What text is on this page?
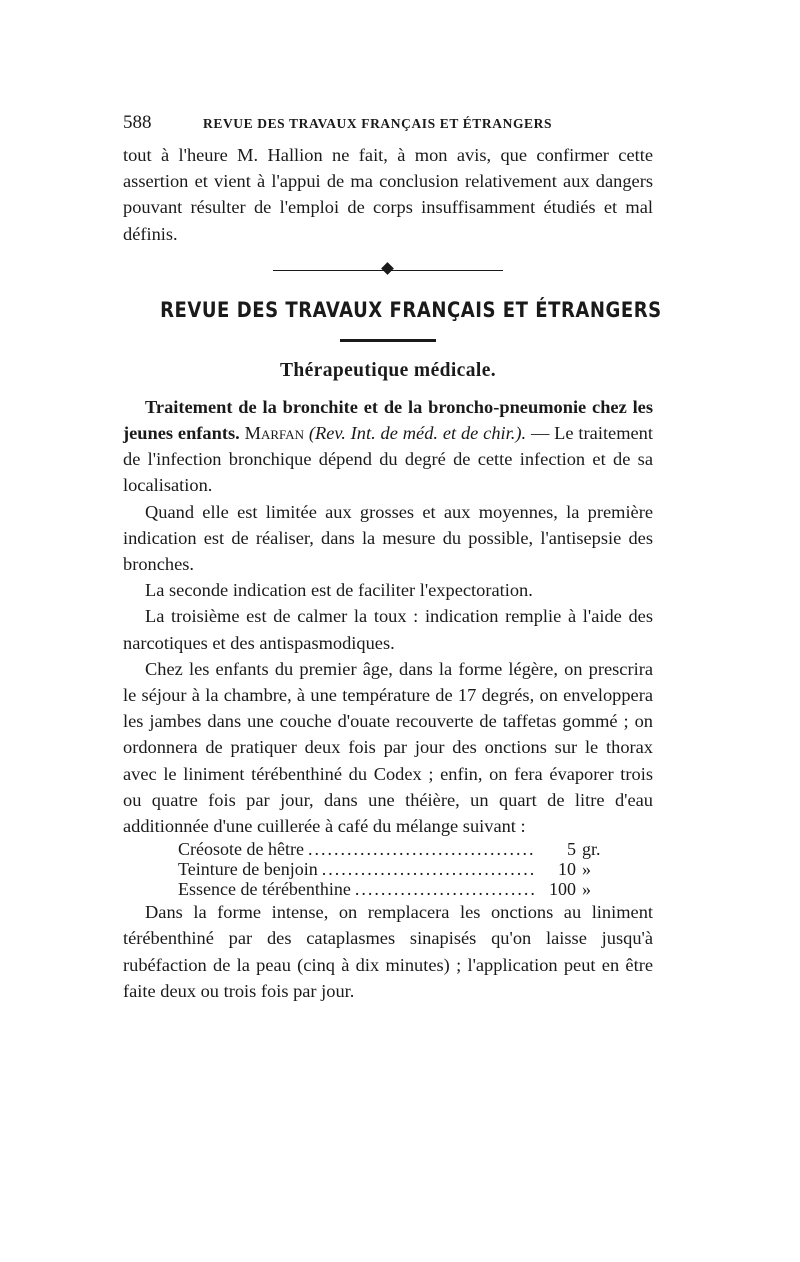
588	REVUE DES TRAVAUX FRANÇAIS ET ÉTRANGERS

tout à l'heure M. Hallion ne fait, à mon avis, que confirmer cette assertion et vient à l'appui de ma conclusion relativement aux dangers pouvant résulter de l'emploi de corps insuffisamment étudiés et mal définis.

REVUE DES TRAVAUX FRANÇAIS ET ÉTRANGERS
Thérapeutique médicale.

Traitement de la bronchite et de la broncho-pneumonie chez les jeunes enfants. Marfan (Rev. Int. de méd. et de chir.). — Le traitement de l'infection bronchique dépend du degré de cette infection et de sa localisation.

Quand elle est limitée aux grosses et aux moyennes, la première indication est de réaliser, dans la mesure du possible, l'antisepsie des bronches.

La seconde indication est de faciliter l'expectoration.

La troisième est de calmer la toux : indication remplie à l'aide des narcotiques et des antispasmodiques.

Chez les enfants du premier âge, dans la forme légère, on prescrira le séjour à la chambre, à une température de 17 degrés, on enveloppera les jambes dans une couche d'ouate recouverte de taffetas gommé ; on ordonnera de pratiquer deux fois par jour des onctions sur le thorax avec le liniment térébenthiné du Codex ; enfin, on fera évaporer trois ou quatre fois par jour, dans une théière, un quart de litre d'eau additionnée d'une cuillerée à café du mélange suivant :

Créosote de hêtre .....	5 gr.
Teinture de benjoin .....	10 »
Essence de térébenthine .....	100 »

Dans la forme intense, on remplacera les onctions au liniment térébenthiné par des cataplasmes sinapisés qu'on laisse jusqu'à rubéfaction de la peau (cinq à dix minutes) ; l'application peut en être faite deux ou trois fois par jour.
